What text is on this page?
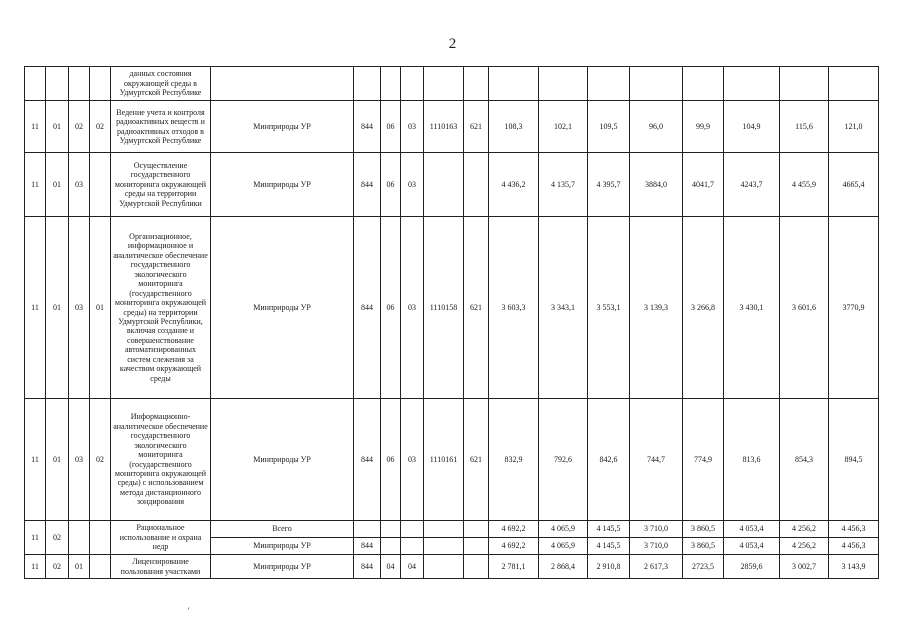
2
				данных состояния окружающей среды в Удмуртской Республике														
11	01	02	02	Ведение учета и контроля радиоактивных веществ и радиоактивных отходов в Удмуртской Республике	Минприроды УР	844	06	03	1110163	621	108,3	102,1	109,5	96,0	99,9	104,9	115,6	121,0
11	01	03		Осуществление государственного мониторинга окружающей среды на территории Удмуртской Республики	Минприроды УР	844	06	03			4 436,2	4 135,7	4 395,7	3884,0	4041,7	4243,7	4 455,9	4665,4
11	01	03	01	Организационное, информационное и аналитическое обеспечение государственного экологического мониторинга (государственного мониторинга окружающей среды) на территории Удмуртской Республики, включая создание и совершенствование автоматизированных систем слежения за качеством окружающей среды	Минприроды УР	844	06	03	1110158	621	3 603,3	3 343,1	3 553,1	3 139,3	3 266,8	3 430,1	3 601,6	3770,9
11	01	03	02	Информационно-аналитическое обеспечение государственного экологического мониторинга (государственного мониторинга окружающей среды) с использованием метода дистанционного зондирования	Минприроды УР	844	06	03	1110161	621	832,9	792,6	842,6	744,7	774,9	813,6	854,3	894,5
11	02			Рациональное использование и охрана недр	Всего						4 692,2	4 065,9	4 145,5	3 710,0	3 860,5	4 053,4	4 256,2	4 456,3
					Минприроды УР	844					4 692,2	4 065,9	4 145,5	3 710,0	3 860,5	4 053,4	4 256,2	4 456,3
11	02	01		Лицензирование пользования участками	Минприроды УР	844	04	04			2 781,1	2 868,4	2 910,8	2 617,3	2723,5	2859,6	3 002,7	3 143,9
'
